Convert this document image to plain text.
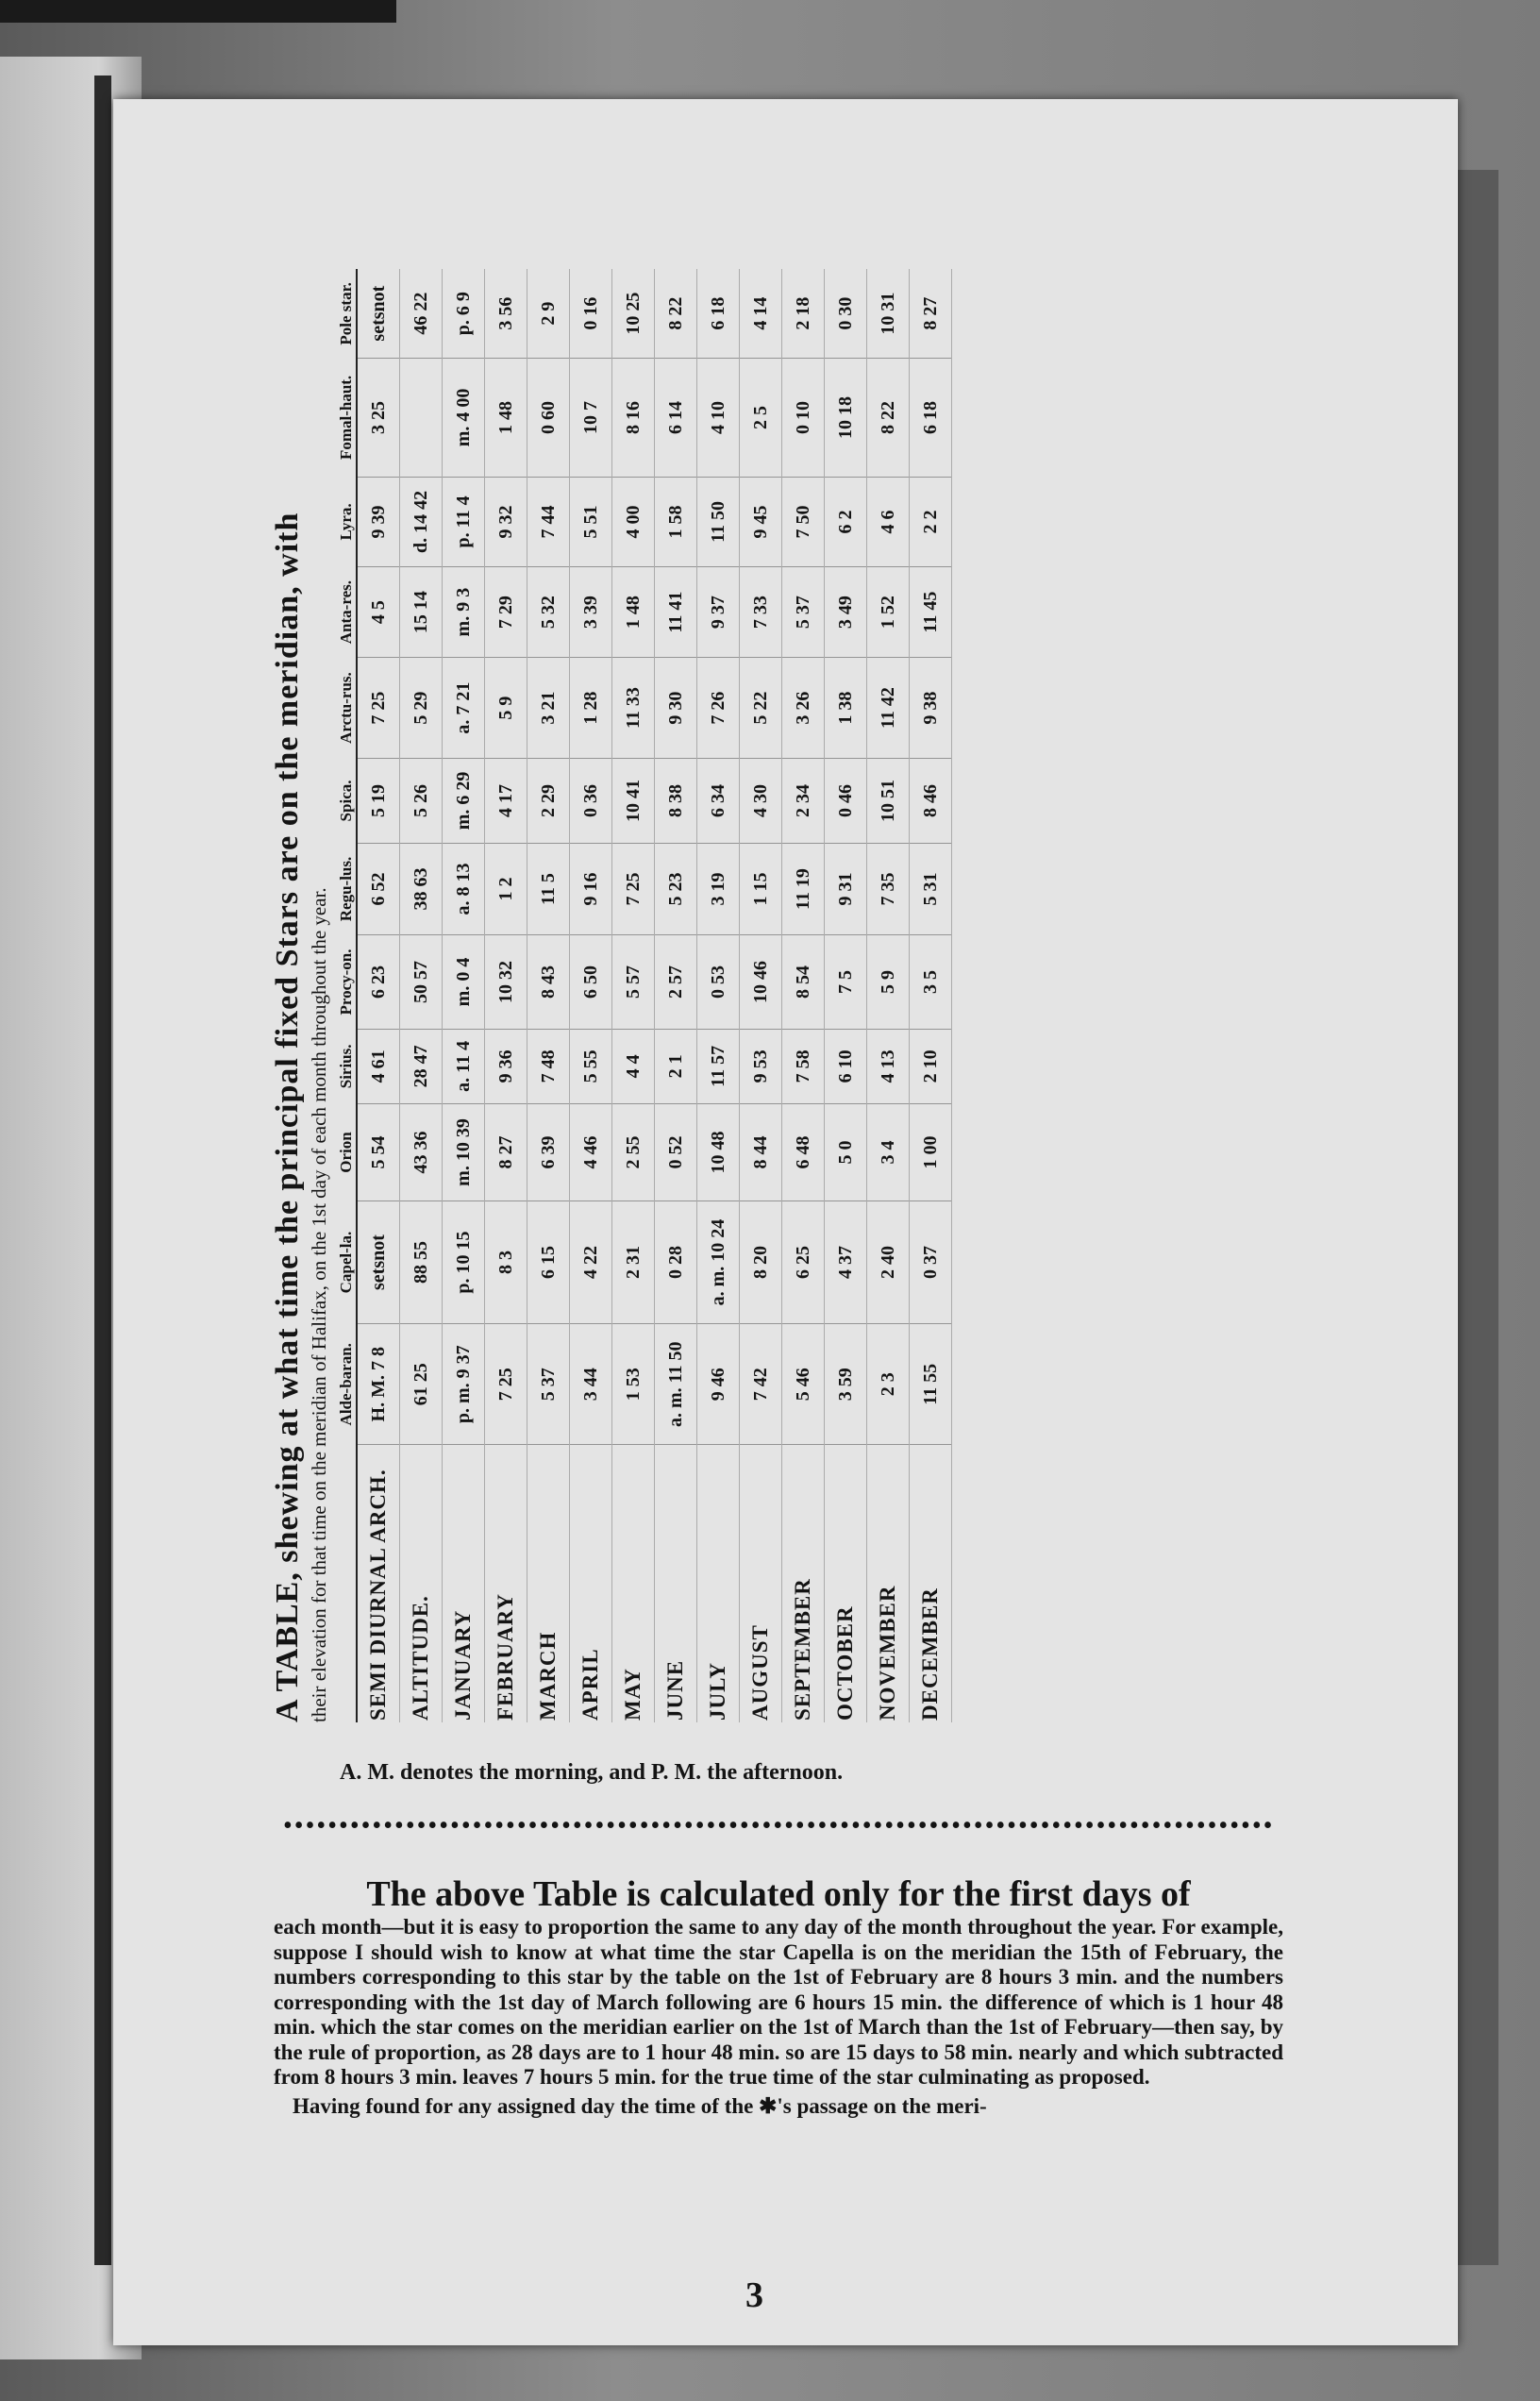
A TABLE, shewing at what time the principal fixed Stars are on the meridian, with their elevation for that time on the meridian of Halifax, on the 1st day of each month throughout the year.
	Alde-baran.	Capel-la.	Orion	Sirius.	Procy-on.	Regu-lus.	Spica.	Arctu-rus.	Anta-res.	Lyra.	Fomal-haut.	Pole star.
SEMI DIURNAL ARCH.	H. M. 7 8	setsnot	5 54	4 61	6 23	6 52	5 19	7 25	4 5	9 39	3 25	setsnot
ALTITUDE.	61 25	88 55	43 36	28 47	50 57	38 63	5 26	5 29	15 14	d. 14 42		46 22
JANUARY	p. m. 9 37	p. 10 15	m. 10 39	a. 11 4	m. 0 4	a. 8 13	m. 6 29	a. 7 21	m. 9 3	p. 11 4	m. 4 00	p. 6 9
FEBRUARY	7 25	8 3	8 27	9 36	10 32	1 2	4 17	5 9	7 29	9 32	1 48	3 56
MARCH	5 37	6 15	6 39	7 48	8 43	11 5	2 29	3 21	5 32	7 44	0 60	2 9
APRIL	3 44	4 22	4 46	5 55	6 50	9 16	0 36	1 28	3 39	5 51	10 7	0 16
MAY	1 53	2 31	2 55	4 4	5 57	7 25	10 41	11 33	1 48	4 00	8 16	10 25
JUNE	a. m. 11 50	0 28	0 52	2 1	2 57	5 23	8 38	9 30	11 41	1 58	6 14	8 22
JULY	9 46	a. m. 10 24	10 48	11 57	0 53	3 19	6 34	7 26	9 37	11 50	4 10	6 18
AUGUST	7 42	8 20	8 44	9 53	10 46	1 15	4 30	5 22	7 33	9 45	2 5	4 14
SEPTEMBER	5 46	6 25	6 48	7 58	8 54	11 19	2 34	3 26	5 37	7 50	0 10	2 18
OCTOBER	3 59	4 37	5 0	6 10	7 5	9 31	0 46	1 38	3 49	6 2	10 18	0 30
NOVEMBER	2 3	2 40	3 4	4 13	5 9	7 35	10 51	11 42	1 52	4 6	8 22	10 31
DECEMBER	11 55	0 37	1 00	2 10	3 5	5 31	8 46	9 38	11 45	2 2	6 18	8 27
A. M. denotes the morning, and P. M. the afternoon.
•••••••••••••••••••••••••••••••••••••••••••••••••••••••••••••••••••••••••••••••••••••••••
The above Table is calculated only for the first days of
each month—but it is easy to proportion the same to any day of the month throughout the year. For example, suppose I should wish to know at what time the star Capella is on the meridian the 15th of February, the numbers corresponding to this star by the table on the 1st of February are 8 hours 3 min. and the numbers corresponding with the 1st day of March following are 6 hours 15 min. the difference of which is 1 hour 48 min. which the star comes on the meridian earlier on the 1st of March than the 1st of February—then say, by the rule of proportion, as 28 days are to 1 hour 48 min. so are 15 days to 58 min. nearly and which subtracted from 8 hours 3 min. leaves 7 hours 5 min. for the true time of the star culminating as proposed.
Having found for any assigned day the time of the ✱'s passage on the meri-
3
